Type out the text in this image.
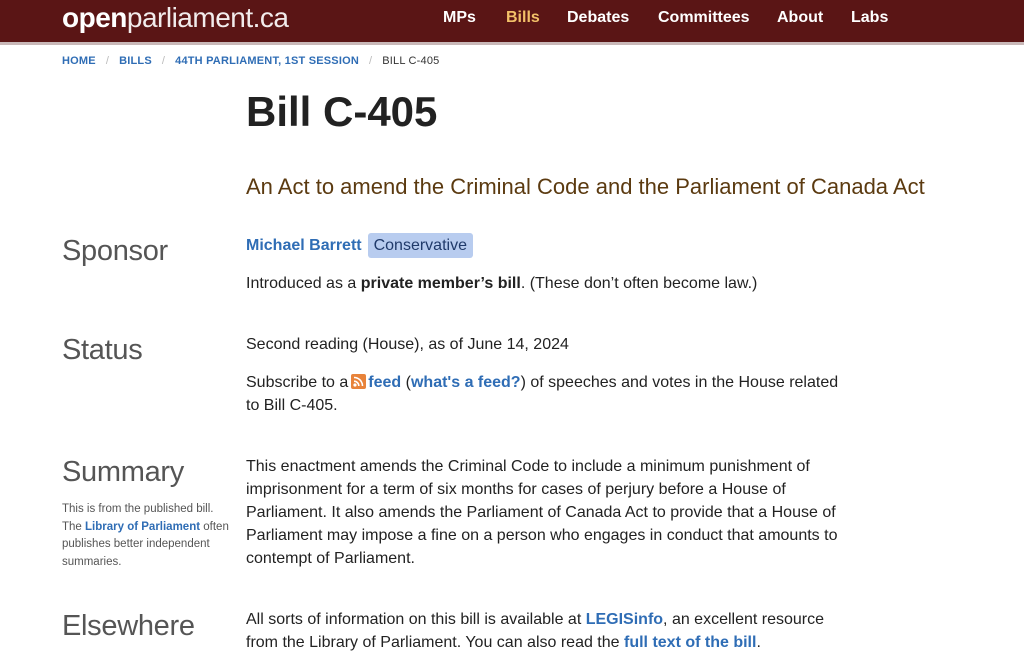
openparliament.ca	MPs Bills Debates Committees About Labs
HOME / BILLS / 44TH PARLIAMENT, 1ST SESSION / BILL C-405
Bill C-405
An Act to amend the Criminal Code and the Parliament of Canada Act
Sponsor	Michael Barrett Conservative
Introduced as a private member’s bill. (These don’t often become law.)
Status	Second reading (House), as of June 14, 2024
Subscribe to a feed (what's a feed?) of speeches and votes in the House related to Bill C-405.
Summary
This is from the published bill. The Library of Parliament often publishes better independent summaries.
This enactment amends the Criminal Code to include a minimum punishment of imprisonment for a term of six months for cases of perjury before a House of Parliament. It also amends the Parliament of Canada Act to provide that a House of Parliament may impose a fine on a person who engages in conduct that amounts to contempt of Parliament.
Elsewhere	All sorts of information on this bill is available at LEGISinfo, an excellent resource from the Library of Parliament. You can also read the full text of the bill.
